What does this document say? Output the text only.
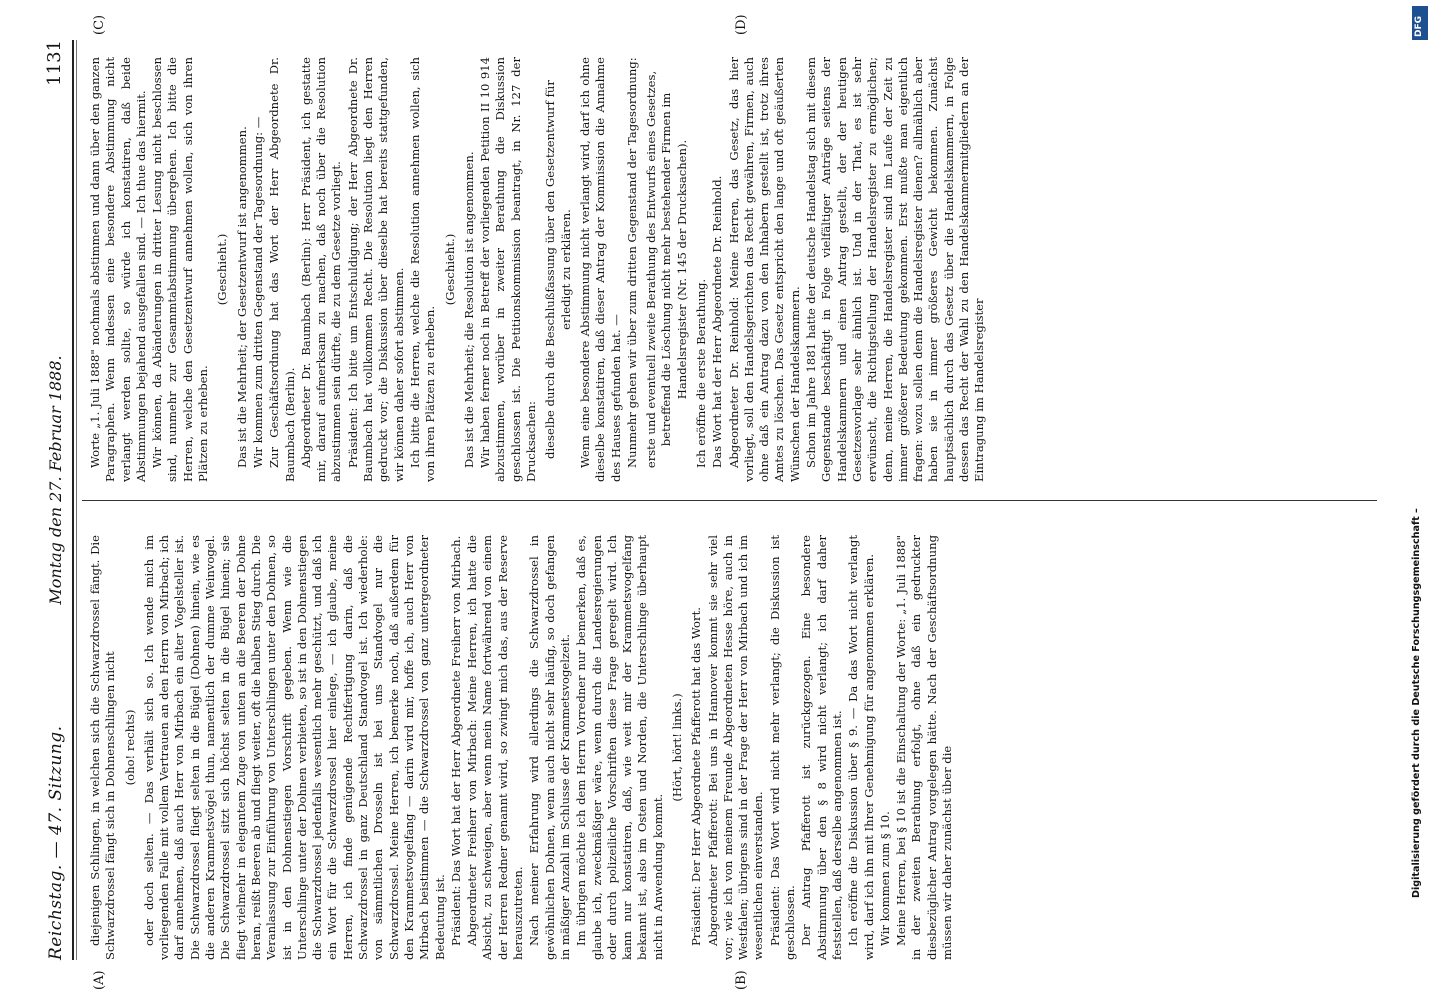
Reichstag. — 47. Sitzung.
Montag den 27. Februar 1888.
1131
(A)	(B)
(C)	(D)

diejenigen Schlingen, in welchen sich die Schwarzdrossel fängt. Die Schwarzdrossel fängt sich in Dohnenschlingen nicht (oho! rechts) oder doch selten. — Das verhält sich so. Ich wende mich im vorliegenden Falle mit vollem Vertrauen an den Herrn von Mirbach; ich darf annehmen, daß auch Herr von Mirbach ein alter Vogelsteller ist. Die Schwarzdrossel fliegt selten in die Bügel (Dohnen) hinein, wie es die anderen Krammetsvögel thun, namentlich der dumme Weinvogel. Die Schwarzdrossel sitzt sich höchst selten in die Bügel hinein; sie fliegt vielmehr in elegantem Zuge von unten an die Beeren der Dohne heran, reißt Beeren ab und fliegt weiter, oft die halben Stieg durch. Die Veranlassung zur Einführung von Unterschlingen unter den Dohnen, so ist in den Dohnenstiegen Vorschrift gegeben. Wenn wie die Unterschlinge unter der Dohnen verbieten, so ist in den Dohnenstiegen die Schwarzdrossel jedenfalls wesentlich mehr geschützt, und daß ich ein Wort für die Schwarzdrossel hier einlege, — ich glaube, meine Herren, ich finde genügende Rechtfertigung darin, daß die Schwarzdrossel in ganz Deutschland Standvogel ist. Ich wiederhole: von sämmtlichen Drosseln ist bei uns Standvogel nur die Schwarzdrossel. Meine Herren, ich bemerke noch, daß außerdem für den Krammetsvogelfang — darin wird mir, hoffe ich, auch Herr von Mirbach beistimmen — die Schwarzdrossel von ganz untergeordneter Bedeutung ist. Präsident: Das Wort hat der Herr Abgeordnete Freiherr von Mirbach. Abgeordneter Freiherr von Mirbach: Meine Herren, ich hatte die Absicht, zu schweigen, aber wenn mein Name fortwährend von einem der Herren Redner genannt wird, so zwingt mich das, aus der Reserve herauszutreten. Nach meiner Erfahrung wird allerdings die Schwarzdrossel in gewöhnlichen Dohnen, wenn auch nicht sehr häufig, so doch gefangen in mäßiger Anzahl im Schlusse der Krammetsvogelzeit. Im übrigen möchte ich dem Herrn Vorredner nur bemerken, daß es, glaube ich, zweckmäßiger wäre, wenn durch die Landesregierungen oder durch polizeiliche Vorschriften diese Frage geregelt wird. Ich kann nur konstatiren, daß, wie weit mir der Krammetsvogelfang bekannt ist, also im Osten und Norden, die Unterschlinge überhaupt nicht in Anwendung kommt.

(Hört, hört! links.) Präsident: Der Herr Abgeordnete Pfafferott hat das Wort. Abgeordneter Pfafferott: Bei uns in Hannover kommt sie sehr viel vor; wie ich von meinem Freunde Abgeordneten Hesse höre, auch in Westfalen; übrigens sind in der Frage der Herr von Mirbach und ich im wesentlichen einverstanden. Präsident: Das Wort wird nicht mehr verlangt; die Diskussion ist geschlossen. Der Antrag Pfafferott ist zurückgezogen. Eine besondere Abstimmung über den § 8 wird nicht verlangt; ich darf daher feststellen, daß derselbe angenommen ist. Ich eröffne die Diskussion über § 9. — Da das Wort nicht verlangt wird, darf ich ihn mit Ihrer Genehmigung für angenommen erklären. Wir kommen zum § 10. Meine Herren, bei § 10 ist die Einschaltung der Worte: „1. Juli 1888" in der zweiten Berathung erfolgt, ohne daß ein gedruckter diesbezüglicher Antrag vorgelegen hätte. Nach der Geschäftsordnung müssen wir daher zunächst über die

Worte „1. Juli 1888" nochmals abstimmen und dann über den ganzen Paragraphen. Wenn indessen eine besondere Abstimmung nicht verlangt werden sollte, so würde ich konstatiren, daß beide Abstimmungen bejahend ausgefallen sind. — Ich thue das hiermit. Wir können, da Abänderungen in dritter Lesung nicht beschlossen sind, nunmehr zur Gesammtabstimmung übergehen. Ich bitte die Herren, welche den Gesetzentwurf annehmen wollen, sich von ihren Plätzen zu erheben.

(Geschieht.) Das ist die Mehrheit; der Gesetzentwurf ist angenommen. Wir kommen zum dritten Gegenstand der Tagesordnung: — Zur Geschäftsordnung hat das Wort der Herr Abgeordnete Dr. Baumbach (Berlin). Abgeordneter Dr. Baumbach (Berlin): Herr Präsident, ich gestatte mir, darauf aufmerksam zu machen, daß noch über die Resolution abzustimmen sein dürfte, die zu dem Gesetze vorliegt. Präsident: Ich bitte um Entschuldigung; der Herr Abgeordnete Dr. Baumbach hat vollkommen Recht. Die Resolution liegt den Herren gedruckt vor; die Diskussion über dieselbe hat bereits stattgefunden, wir können daher sofort abstimmen. Ich bitte die Herren, welche die Resolution annehmen wollen, sich von ihren Plätzen zu erheben.

(Geschieht.) Das ist die Mehrheit; die Resolution ist angenommen. Wir haben ferner noch in Betreff der vorliegenden Petition II 10 914 abzustimmen, worüber in zweiter Berathung die Diskussion geschlossen ist. Die Petitionskommission beantragt, in Nr. 127 der Drucksachen: dieselbe durch die Beschlußfassung über den Gesetzentwurf für erledigt zu erklären. Wenn eine besondere Abstimmung nicht verlangt wird, darf ich ohne dieselbe konstatiren, daß dieser Antrag der Kommission die Annahme des Hauses gefunden hat. — Nunmehr gehen wir über zum dritten Gegenstand der Tagesordnung: erste und eventuell zweite Berathung des Entwurfs eines Gesetzes, betreffend die Löschung nicht mehr bestehender Firmen im Handelsregister (Nr. 145 der Drucksachen). Ich eröffne die erste Berathung. Das Wort hat der Herr Abgeordnete Dr. Reinhold. Abgeordneter Dr. Reinhold: Meine Herren, das Gesetz, das hier vorliegt, soll den Handelsgerichten das Recht gewähren, Firmen, auch ohne daß ein Antrag dazu von den Inhabern gestellt ist, trotz ihres Amtes zu löschen. Das Gesetz entspricht den lange und oft geäußerten Wünschen der Handelskammern. Schon im Jahre 1881 hatte der deutsche Handelstag sich mit diesem Gegenstande beschäftigt in Folge vielfältiger Anträge seitens der Handelskammern und einen Antrag gestellt, der der heutigen Gesetzesvorlage sehr ähnlich ist. Und in der That, es ist sehr erwünscht, die Richtigstellung der Handelsregister zu ermöglichen; denn, meine Herren, die Handelsregister sind im Laufe der Zeit zu immer größerer Bedeutung gekommen. Erst mußte man eigentlich fragen: wozu sollen denn die Handelsregister dienen? allmählich aber haben sie in immer größeres Gewicht bekommen. Zunächst hauptsächlich durch das Gesetz über die Handelskammern, in Folge dessen das Recht der Wahl zu den Handelskammermitgliedern an der Eintragung im Handelsregister

Digitalisierung gefördert durch die Deutsche Forschungsgemeinschaft –
DFG
